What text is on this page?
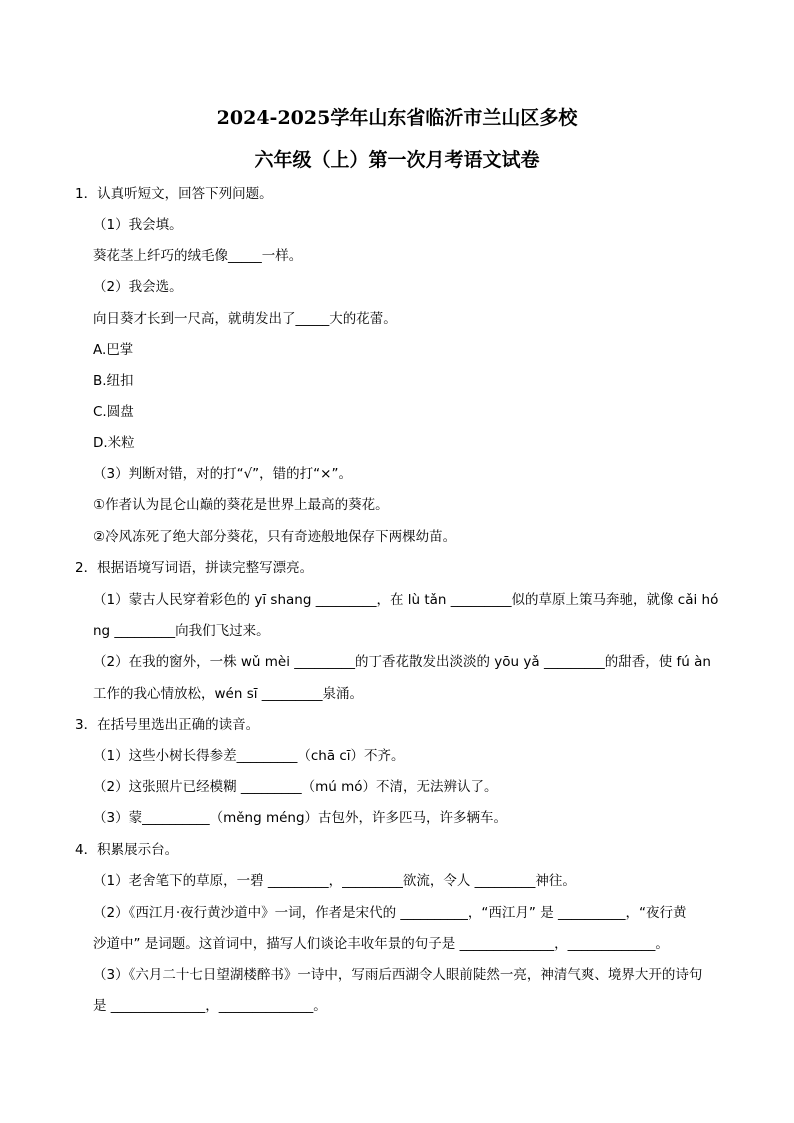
2024-2025学年山东省临沂市兰山区多校
六年级（上）第一次月考语文试卷
1．认真听短文，回答下列问题。
（1）我会填。
葵花茎上纤巧的绒毛像_____一样。
（2）我会选。
向日葵才长到一尺高，就萌发出了_____大的花蕾。
A.巴掌
B.纽扣
C.圆盘
D.米粒
（3）判断对错，对的打“√”，错的打“×”。
①作者认为昆仑山巅的葵花是世界上最高的葵花。
②冷风冻死了绝大部分葵花，只有奇迹般地保存下两棵幼苗。
2．根据语境写词语，拼读完整写漂亮。
（1）蒙古人民穿着彩色的 yī shang _________，在 lù tǎn _________似的草原上策马奔驰，就像 cǎi hó
ng _________向我们飞过来。
（2）在我的窗外，一株 wǔ mèi _________的丁香花散发出淡淡的 yōu yǎ _________的甜香，使 fú àn
工作的我心情放松，wén sī _________泉涌。
3．在括号里选出正确的读音。
（1）这些小树长得参差_________（chā cī）不齐。
（2）这张照片已经模糊 _________（mú mó）不清，无法辨认了。
（3）蒙__________（měng méng）古包外，许多匹马，许多辆车。
4．积累展示台。
（1）老舍笔下的草原，一碧 _________，_________欲流，令人 _________神往。
（2）《西江月·夜行黄沙道中》一词，作者是宋代的 __________，“西江月” 是 __________，“夜行黄
沙道中” 是词题。这首词中，描写人们谈论丰收年景的句子是 ______________，_____________。
（3）《六月二十七日望湖楼醉书》一诗中，写雨后西湖令人眼前陡然一亮，神清气爽、境界大开的诗句
是 ______________，______________。
